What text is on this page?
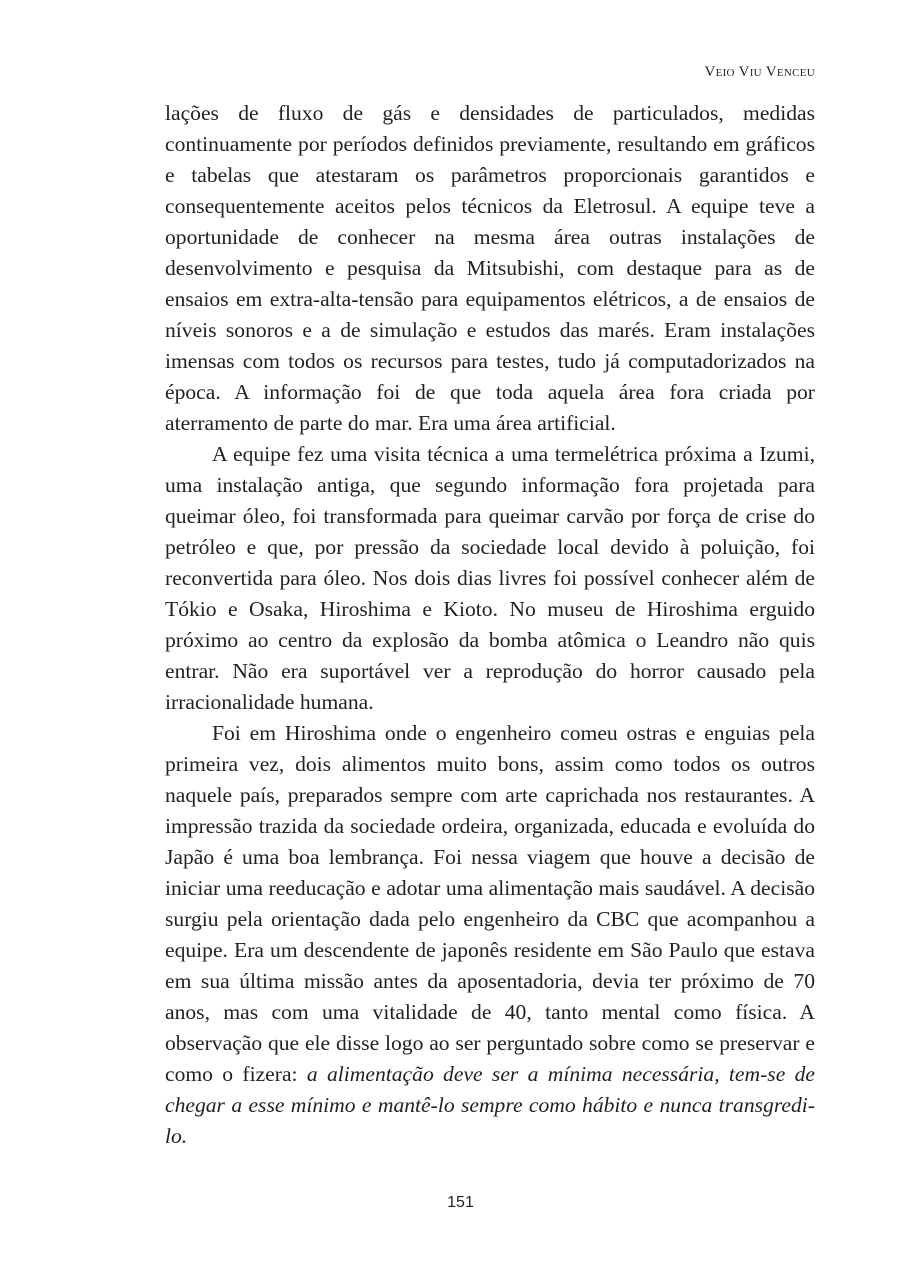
Veio Viu Venceu

lações de fluxo de gás e densidades de particulados, medidas continuamente por períodos definidos previamente, resultando em gráficos e tabelas que atestaram os parâmetros proporcionais garantidos e consequentemente aceitos pelos técnicos da Eletrosul. A equipe teve a oportunidade de conhecer na mesma área outras instalações de desenvolvimento e pesquisa da Mitsubishi, com destaque para as de ensaios em extra-alta-tensão para equipamentos elétricos, a de ensaios de níveis sonoros e a de simulação e estudos das marés. Eram instalações imensas com todos os recursos para testes, tudo já computadorizados na época. A informação foi de que toda aquela área fora criada por aterramento de parte do mar. Era uma área artificial.

A equipe fez uma visita técnica a uma termelétrica próxima a Izumi, uma instalação antiga, que segundo informação fora projetada para queimar óleo, foi transformada para queimar carvão por força de crise do petróleo e que, por pressão da sociedade local devido à poluição, foi reconvertida para óleo. Nos dois dias livres foi possível conhecer além de Tókio e Osaka, Hiroshima e Kioto. No museu de Hiroshima erguido próximo ao centro da explosão da bomba atômica o Leandro não quis entrar. Não era suportável ver a reprodução do horror causado pela irracionalidade humana.

Foi em Hiroshima onde o engenheiro comeu ostras e enguias pela primeira vez, dois alimentos muito bons, assim como todos os outros naquele país, preparados sempre com arte caprichada nos restaurantes. A impressão trazida da sociedade ordeira, organizada, educada e evoluída do Japão é uma boa lembrança. Foi nessa viagem que houve a decisão de iniciar uma reeducação e adotar uma alimentação mais saudável. A decisão surgiu pela orientação dada pelo engenheiro da CBC que acompanhou a equipe. Era um descendente de japonês residente em São Paulo que estava em sua última missão antes da aposentadoria, devia ter próximo de 70 anos, mas com uma vitalidade de 40, tanto mental como física. A observação que ele disse logo ao ser perguntado sobre como se preservar e como o fizera: a alimentação deve ser a mínima necessária, tem-se de chegar a esse mínimo e mantê-lo sempre como hábito e nunca transgredi-lo.

151
